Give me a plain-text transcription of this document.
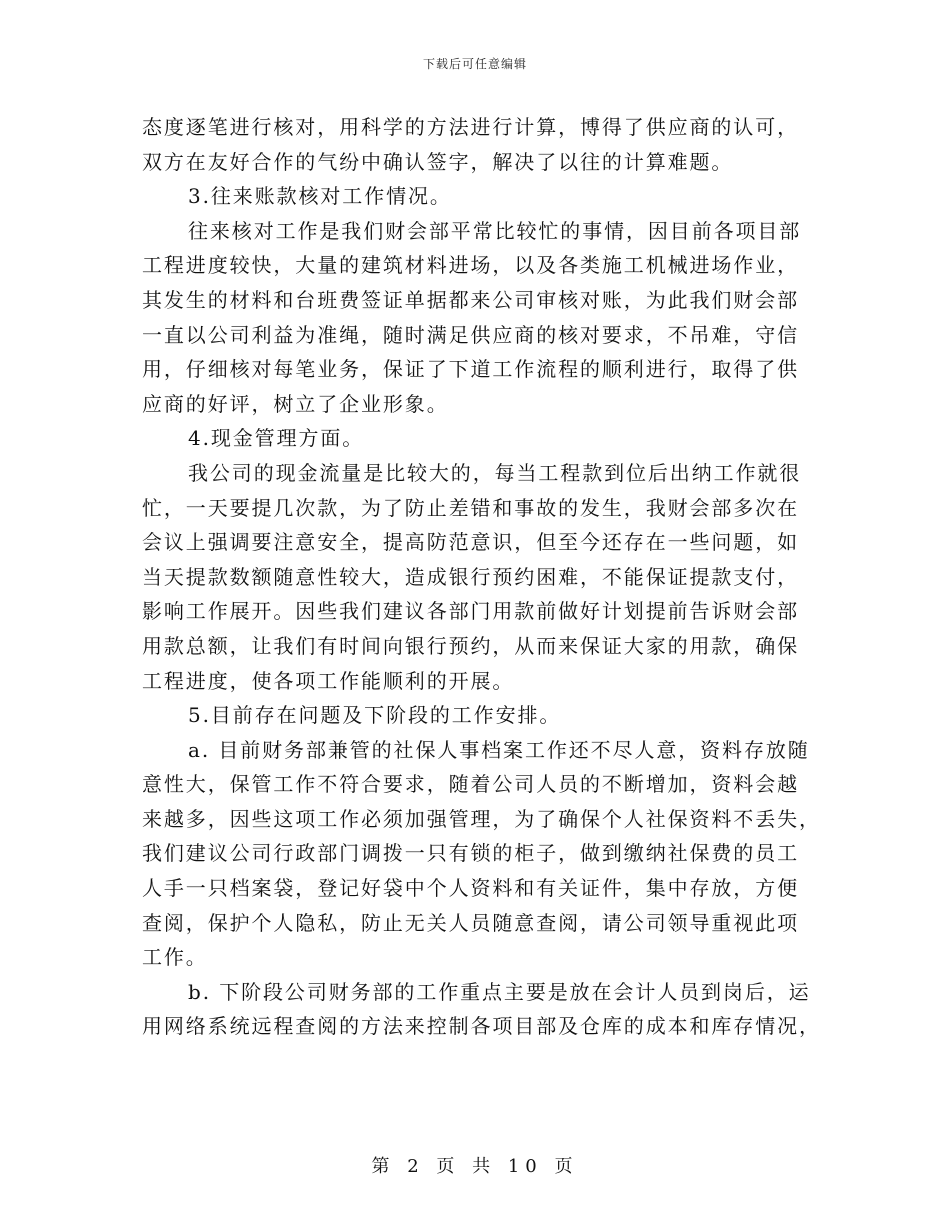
下载后可任意编辑
态度逐笔进行核对，用科学的方法进行计算，博得了供应商的认可，
双方在友好合作的气纷中确认签字，解决了以往的计算难题。
3.往来账款核对工作情况。
往来核对工作是我们财会部平常比较忙的事情，因目前各项目部
工程进度较快，大量的建筑材料进场，以及各类施工机械进场作业，
其发生的材料和台班费签证单据都来公司审核对账，为此我们财会部
一直以公司利益为准绳，随时满足供应商的核对要求，不吊难，守信
用，仔细核对每笔业务，保证了下道工作流程的顺利进行，取得了供
应商的好评，树立了企业形象。
4.现金管理方面。
我公司的现金流量是比较大的，每当工程款到位后出纳工作就很
忙，一天要提几次款，为了防止差错和事故的发生，我财会部多次在
会议上强调要注意安全，提高防范意识，但至今还存在一些问题，如
当天提款数额随意性较大，造成银行预约困难，不能保证提款支付，
影响工作展开。因些我们建议各部门用款前做好计划提前告诉财会部
用款总额，让我们有时间向银行预约，从而来保证大家的用款，确保
工程进度，使各项工作能顺利的开展。
5.目前存在问题及下阶段的工作安排。
a. 目前财务部兼管的社保人事档案工作还不尽人意，资料存放随
意性大，保管工作不符合要求，随着公司人员的不断增加，资料会越
来越多，因些这项工作必须加强管理，为了确保个人社保资料不丢失，
我们建议公司行政部门调拨一只有锁的柜子，做到缴纳社保费的员工
人手一只档案袋，登记好袋中个人资料和有关证件，集中存放，方便
查阅，保护个人隐私，防止无关人员随意查阅，请公司领导重视此项
工作。
b. 下阶段公司财务部的工作重点主要是放在会计人员到岗后，运
用网络系统远程查阅的方法来控制各项目部及仓库的成本和库存情况，
第 2 页 共 10 页
